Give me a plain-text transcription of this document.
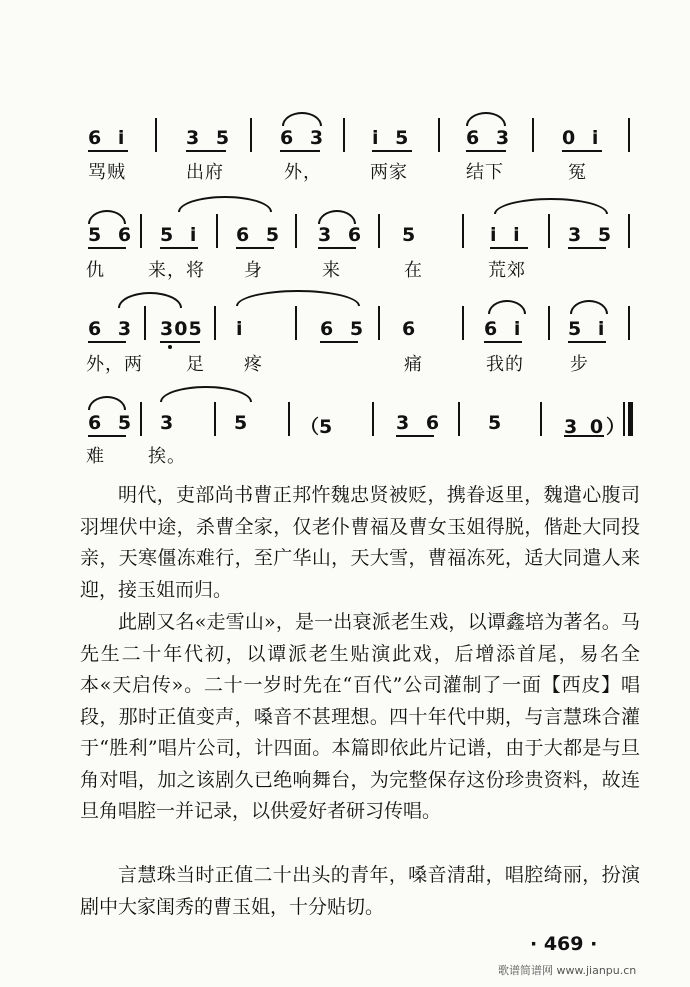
6 i	3 5 6 3 i 5	6 3	0 i
骂贼	出府	外，	两家	结下	冤
5 6 5 i 6 5 3 6 5	i i 3 5
仇 来，将 身	来	在	荒郊
6 3 305 i	6 5 6	6 i 5 i
外，两 足 疼	痛	我的	步
6 5 3	5	（5	3 6 5	3 0）
难 挨。

明代，吏部尚书曹正邦忤魏忠贤被贬，携眷返里，魏遣心腹司羽埋伏中途，杀曹全家，仅老仆曹福及曹女玉姐得脱，偕赴大同投亲，天寒僵冻难行，至广华山，天大雪，曹福冻死，适大同遣人来迎，接玉姐而归。

此剧又名«走雪山»，是一出衰派老生戏，以谭鑫培为著名。马先生二十年代初，以谭派老生贴演此戏，后增添首尾，易名全本«天启传»。二十一岁时先在“百代”公司灌制了一面【西皮】唱段，那时正值变声，嗓音不甚理想。四十年代中期，与言慧珠合灌于“胜利”唱片公司，计四面。本篇即依此片记谱，由于大都是与旦角对唱，加之该剧久已绝响舞台，为完整保存这份珍贵资料，故连旦角唱腔一并记录，以供爱好者研习传唱。

言慧珠当时正值二十出头的青年，嗓音清甜，唱腔绮丽，扮演剧中大家闺秀的曹玉姐，十分贴切。

· 469 ·
歌谱简谱网 www.jianpu.cn
